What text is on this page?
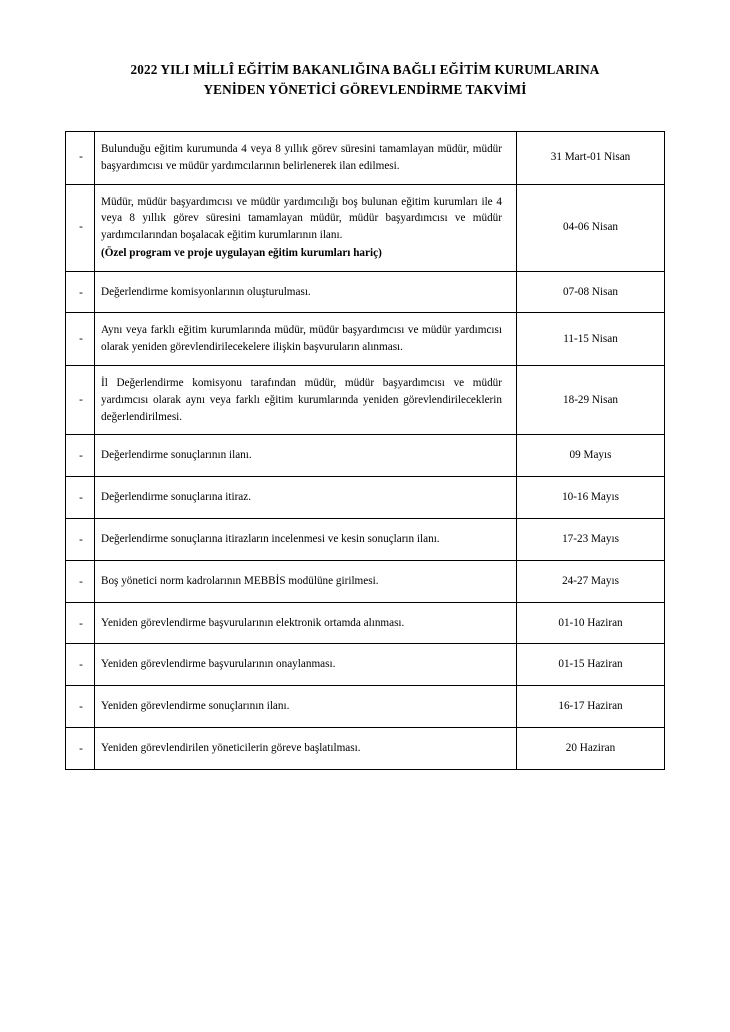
2022 YILI MİLLÎ EĞİTİM BAKANLIĞINA BAĞLI EĞİTİM KURUMLARINA
YENİDEN YÖNETİCİ GÖREVLENDİRME TAKVİMİ
-	Bulunduğu eğitim kurumunda 4 veya 8 yıllık görev süresini tamamlayan müdür, müdür başyardımcısı ve müdür yardımcılarının belirlenerek ilan edilmesi.	31 Mart-01 Nisan
-	Müdür, müdür başyardımcısı ve müdür yardımcılığı boş bulunan eğitim kurumları ile 4 veya 8 yıllık görev süresini tamamlayan müdür, müdür başyardımcısı ve müdür yardımcılarından boşalacak eğitim kurumlarının ilanı.
(Özel program ve proje uygulayan eğitim kurumları hariç)	04-06 Nisan
-	Değerlendirme komisyonlarının oluşturulması.	07-08 Nisan
-	Aynı veya farklı eğitim kurumlarında müdür, müdür başyardımcısı ve müdür yardımcısı olarak yeniden görevlendirilecekelere ilişkin başvuruların alınması.	11-15 Nisan
-	İl Değerlendirme komisyonu tarafından müdür, müdür başyardımcısı ve müdür yardımcısı olarak aynı veya farklı eğitim kurumlarında yeniden görevlendirileceklerin değerlendirilmesi.	18-29 Nisan
-	Değerlendirme sonuçlarının ilanı.	09 Mayıs
-	Değerlendirme sonuçlarına itiraz.	10-16 Mayıs
-	Değerlendirme sonuçlarına itirazların incelenmesi ve kesin sonuçların ilanı.	17-23 Mayıs
-	Boş yönetici norm kadrolarının MEBBİS modülüne girilmesi.	24-27 Mayıs
-	Yeniden görevlendirme başvurularının elektronik ortamda alınması.	01-10 Haziran
-	Yeniden görevlendirme başvurularının onaylanması.	01-15 Haziran
-	Yeniden görevlendirme sonuçlarının ilanı.	16-17 Haziran
-	Yeniden görevlendirilen yöneticilerin göreve başlatılması.	20 Haziran
